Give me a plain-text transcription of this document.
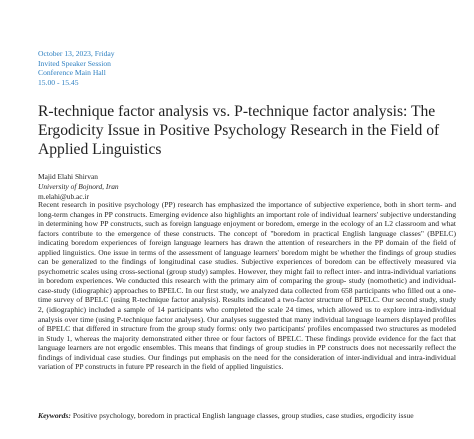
October 13, 2023, Friday
Invited Speaker Session
Conference Main Hall
15.00 - 15.45
R-technique factor analysis vs. P-technique factor analysis: The Ergodicity Issue in Positive Psychology Research in the Field of Applied Linguistics
Majid Elahi Shirvan
University of Bojnord, Iran
m.elahi@ub.ac.ir

Recent research in positive psychology (PP) research has emphasized the importance of subjective experience, both in short term- and long-term changes in PP constructs. Emerging evidence also highlights an important role of individual learners' subjective understanding in determining how PP constructs, such as foreign language enjoyment or boredom, emerge in the ecology of an L2 classroom and what factors contribute to the emergence of these constructs. The concept of "boredom in practical English language classes" (BPELC) indicating boredom experiences of foreign language learners has drawn the attention of researchers in the PP domain of the field of applied linguistics. One issue in terms of the assessment of language learners' boredom might be whether the findings of group studies can be generalized to the findings of longitudinal case studies. Subjective experiences of boredom can be effectively measured via psychometric scales using cross-sectional (group study) samples. However, they might fail to reflect inter- and intra-individual variations in boredom experiences. We conducted this research with the primary aim of comparing the group- study (nomothetic) and individual-case-study (idiographic) approaches to BPELC. In our first study, we analyzed data collected from 658 participants who filled out a one-time survey of BPELC (using R-technique factor analysis). Results indicated a two-factor structure of BPELC. Our second study, study 2, (idiographic) included a sample of 14 participants who completed the scale 24 times, which allowed us to explore intra-individual analysis over time (using P-technique factor analyses). Our analyses suggested that many individual language learners displayed profiles of BPELC that differed in structure from the group study forms: only two participants' profiles encompassed two structures as modeled in Study 1, whereas the majority demonstrated either three or four factors of BPELC. These findings provide evidence for the fact that language learners are not ergodic ensembles. This means that findings of group studies in PP constructs does not necessarily reflect the findings of individual case studies. Our findings put emphasis on the need for the consideration of inter-individual and intra-individual variation of PP constructs in future PP research in the field of applied linguistics.

Keywords: Positive psychology, boredom in practical English language classes, group studies, case studies, ergodicity issue
